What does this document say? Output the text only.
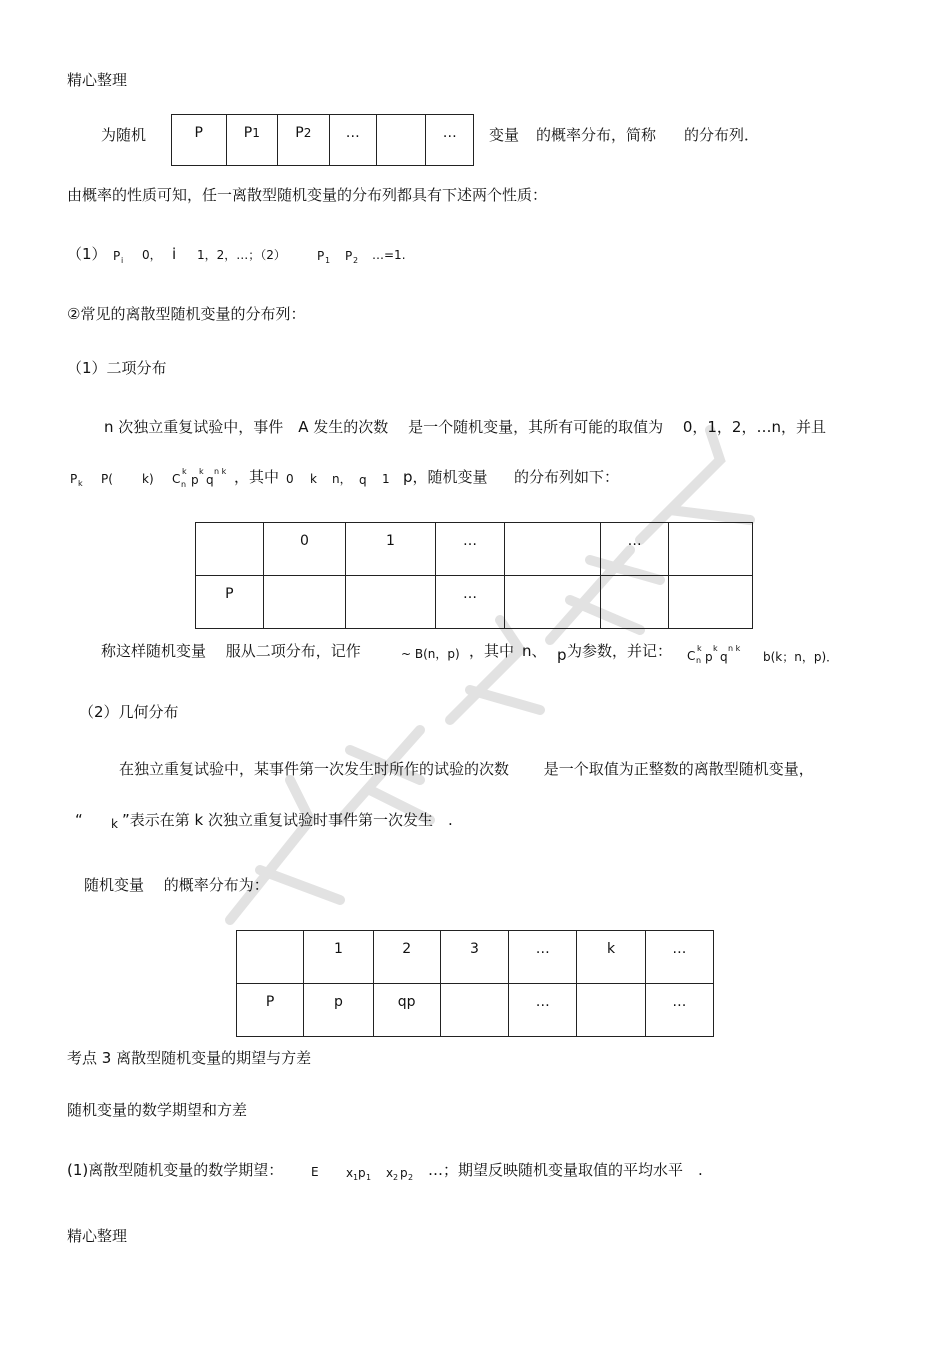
精心整理
为随机	P	P1	P2	…		…	变量 的概率分布，简称 的分布列．
由概率的性质可知，任一离散型随机变量的分布列都具有下述两个性质：
（1） P i 0， i 1，2，…；（2）	P 1 P 2 …=1.
②常见的离散型随机变量的分布列：
（1）二项分布
n 次独立重复试验中，事件　A 发生的次数　 是一个随机变量，其所有可能的取值为　 0，1，2，…n，并且
P k P( k) C n
k
p
k
q
n k ，其中 0 k n， q 1 p，随机变量 的分布列如下：

	0	1	…		…	

P			…			

称这样随机变量　 服从二项分布，记作	~ B(n，p) ，其中 n、 p 为参数，并记： C n
k
p
k
q
n k
b(k；n，p)．
（2）几何分布
在独立重复试验中，某事件第一次发生时所作的试验的次数　　 是一个取值为正整数的离散型随机变量，
“ k ”表示在第 k 次独立重复试验时事件第一次发生　.
随机变量　 的概率分布为：

	1	2	3	…	k	…

P	p	qp		…		…
考点 3 离散型随机变量的期望与方差
随机变量的数学期望和方差
(1)离散型随机变量的数学期望： E x 1 p 1 x 2 p 2 …；期望反映随机变量取值的平均水平　.
精心整理
